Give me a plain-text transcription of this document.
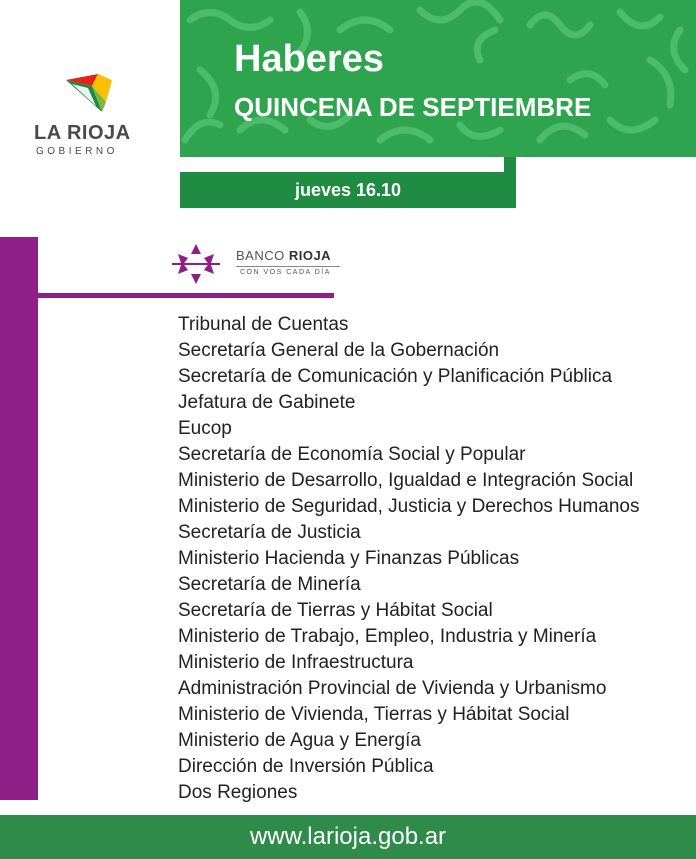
LA RIOJA
GOBIERNO
Haberes
QUINCENA DE SEPTIEMBRE
jueves 16.10
BANCO RIOJA
CON VOS CADA DÍA
Tribunal de Cuentas
Secretaría General de la Gobernación
Secretaría de Comunicación y Planificación Pública
Jefatura de Gabinete
Eucop
Secretaría de Economía Social y Popular
Ministerio de Desarrollo, Igualdad e Integración Social
Ministerio de Seguridad, Justicia y Derechos Humanos
Secretaría de Justicia
Ministerio Hacienda y Finanzas Públicas
Secretaría de Minería
Secretaría de Tierras y Hábitat Social
Ministerio de Trabajo, Empleo, Industria y Minería
Ministerio de Infraestructura
Administración Provincial de Vivienda y Urbanismo
Ministerio de Vivienda, Tierras y Hábitat Social
Ministerio de Agua y Energía
Dirección de Inversión Pública
Dos Regiones
www.larioja.gob.ar
